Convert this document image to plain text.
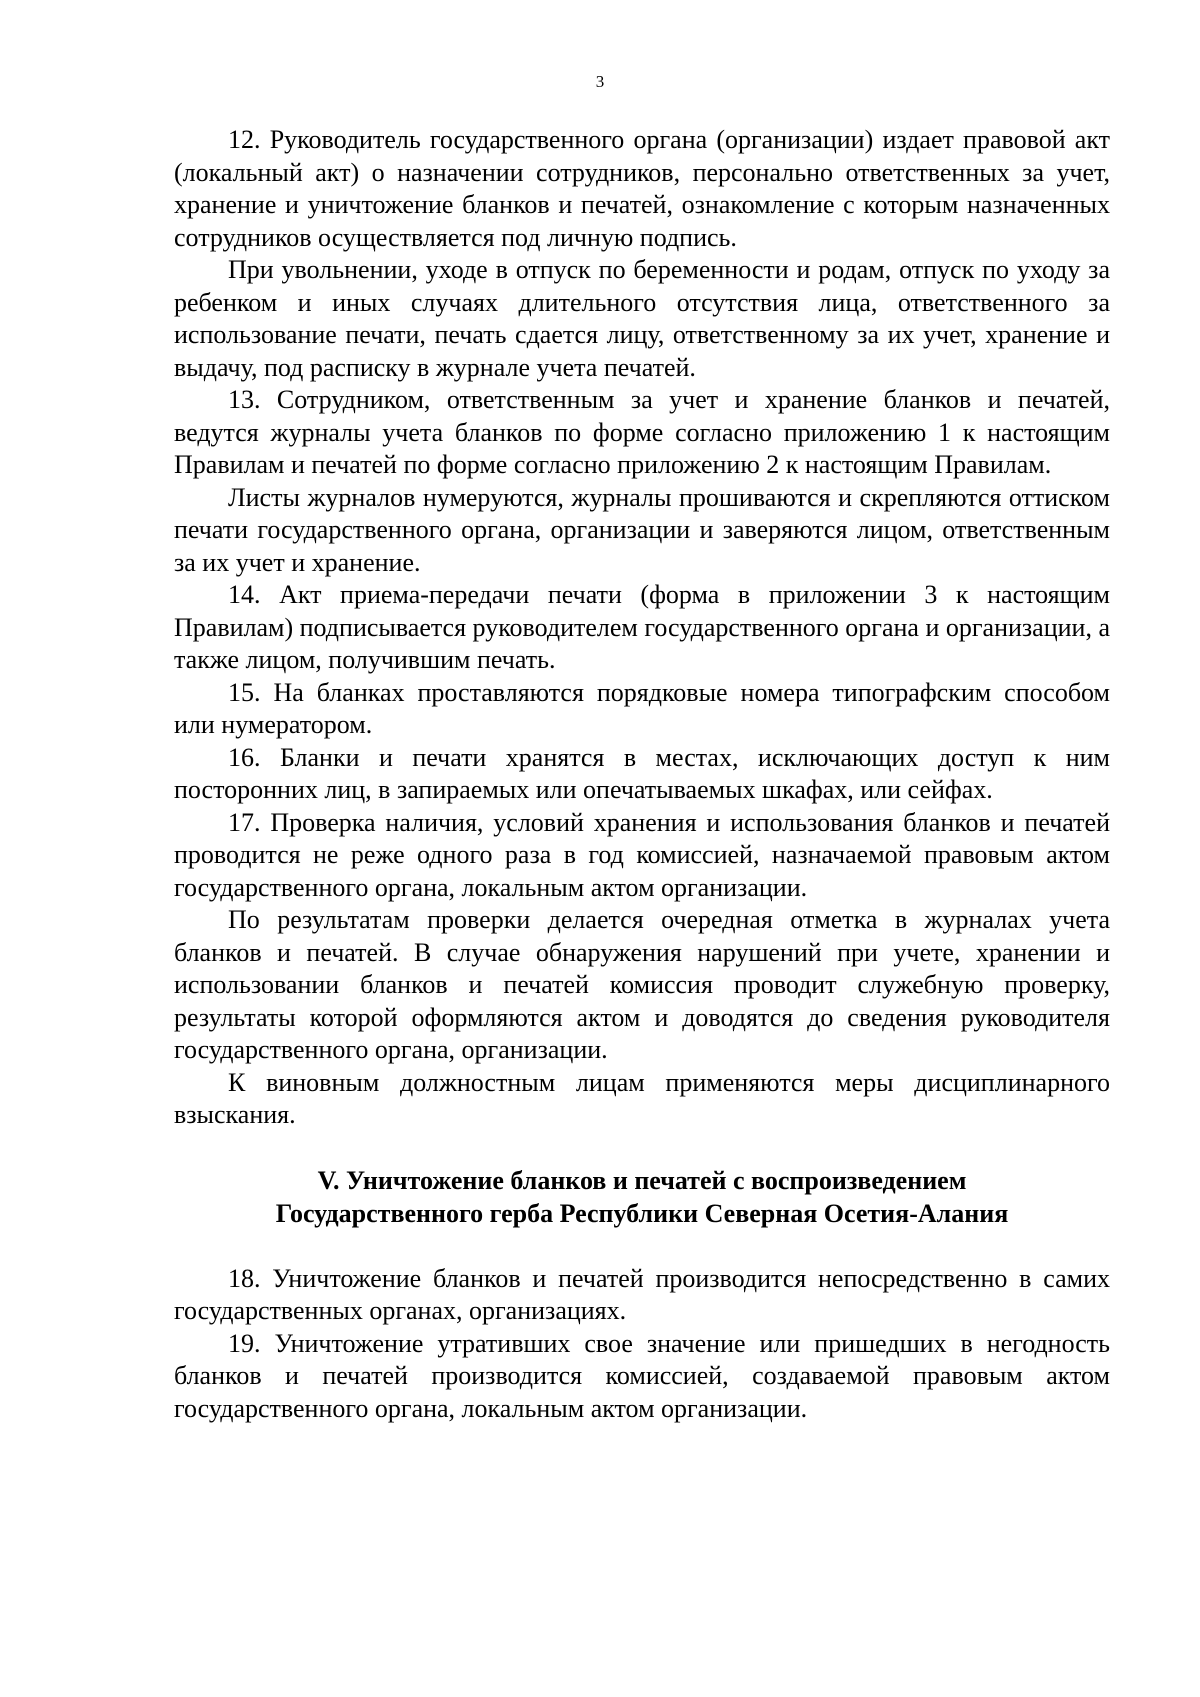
3

12. Руководитель государственного органа (организации) издает правовой акт (локальный акт) о назначении сотрудников, персонально ответственных за учет, хранение и уничтожение бланков и печатей, ознакомление с которым назначенных сотрудников осуществляется под личную подпись.

При увольнении, уходе в отпуск по беременности и родам, отпуск по уходу за ребенком и иных случаях длительного отсутствия лица, ответственного за использование печати, печать сдается лицу, ответственному за их учет, хранение и выдачу, под расписку в журнале учета печатей.

13. Сотрудником, ответственным за учет и хранение бланков и печатей, ведутся журналы учета бланков по форме согласно приложению 1 к настоящим Правилам и печатей по форме согласно приложению 2 к настоящим Правилам.

Листы журналов нумеруются, журналы прошиваются и скрепляются оттиском печати государственного органа, организации и заверяются лицом, ответственным за их учет и хранение.

14. Акт приема-передачи печати (форма в приложении 3 к настоящим Правилам) подписывается руководителем государственного органа и организации, а также лицом, получившим печать.

15. На бланках проставляются порядковые номера типографским способом или нумератором.

16. Бланки и печати хранятся в местах, исключающих доступ к ним посторонних лиц, в запираемых или опечатываемых шкафах, или сейфах.

17. Проверка наличия, условий хранения и использования бланков и печатей проводится не реже одного раза в год комиссией, назначаемой правовым актом государственного органа, локальным актом организации.

По результатам проверки делается очередная отметка в журналах учета бланков и печатей. В случае обнаружения нарушений при учете, хранении и использовании бланков и печатей комиссия проводит служебную проверку, результаты которой оформляются актом и доводятся до сведения руководителя государственного органа, организации.

К виновным должностным лицам применяются меры дисциплинарного взыскания.

V. Уничтожение бланков и печатей с воспроизведением
Государственного герба Республики Северная Осетия-Алания

18. Уничтожение бланков и печатей производится непосредственно в самих государственных органах, организациях.

19. Уничтожение утративших свое значение или пришедших в негодность бланков и печатей производится комиссией, создаваемой правовым актом государственного органа, локальным актом организации.
